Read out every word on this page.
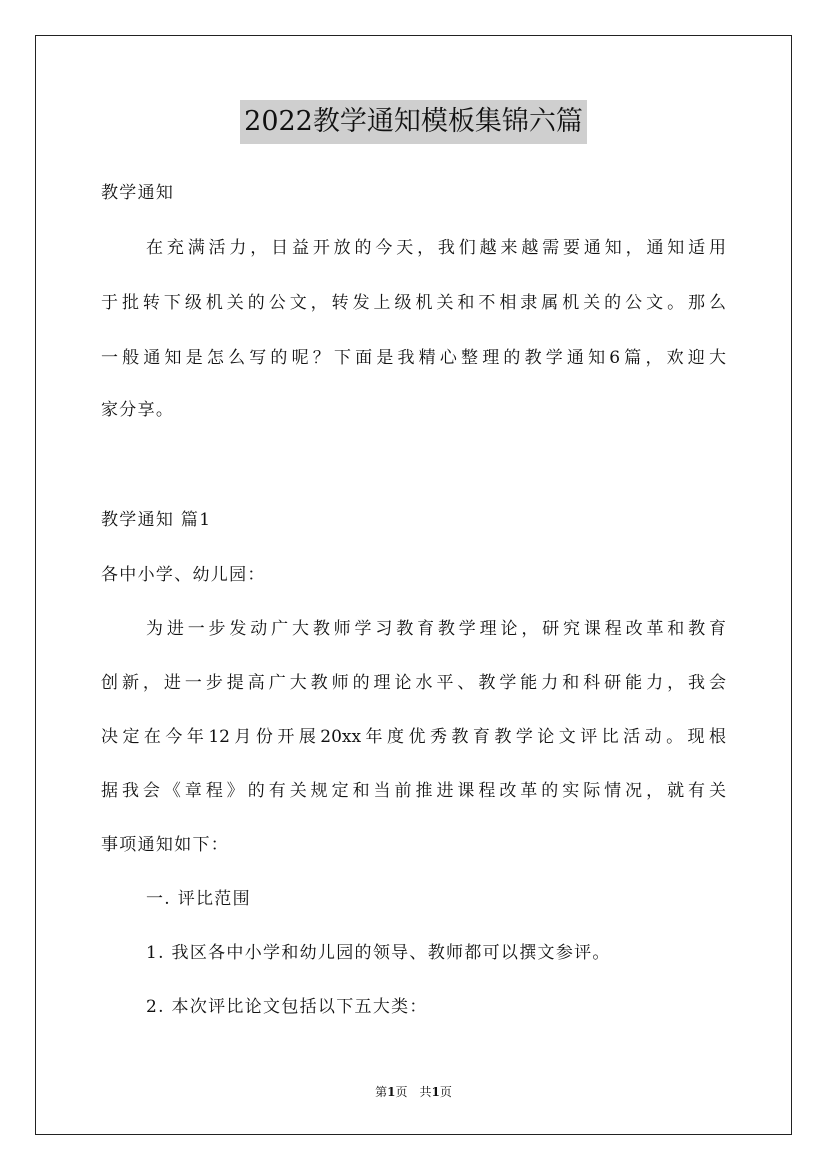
2022教学通知模板集锦六篇
教学通知
在充满活力，日益开放的今天，我们越来越需要通知，通知适用
于批转下级机关的公文，转发上级机关和不相隶属机关的公文。那么
一般通知是怎么写的呢？下面是我精心整理的教学通知6篇，欢迎大
家分享。
教学通知 篇1
各中小学、幼儿园：
为进一步发动广大教师学习教育教学理论，研究课程改革和教育
创新，进一步提高广大教师的理论水平、教学能力和科研能力，我会
决定在今年12月份开展20xx年度优秀教育教学论文评比活动。现根
据我会《章程》的有关规定和当前推进课程改革的实际情况，就有关
事项通知如下：
一. 评比范围
1. 我区各中小学和幼儿园的领导、教师都可以撰文参评。
2. 本次评比论文包括以下五大类：
第1页　共1页
